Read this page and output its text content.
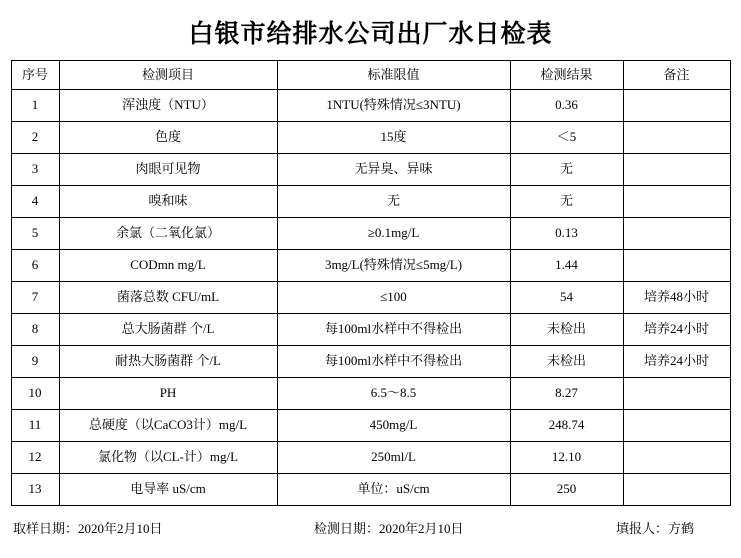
白银市给排水公司出厂水日检表
序号	检测项目	标准限值	检测结果	备注
1	浑浊度（NTU）	1NTU(特殊情况≤3NTU)	0.36	
2	色度	15度	＜5	
3	肉眼可见物	无异臭、异味	无	
4	嗅和味	无	无	
5	余氯（二氧化氯）	≥0.1mg/L	0.13	
6	CODmn mg/L	3mg/L(特殊情况≤5mg/L)	1.44	
7	菌落总数 CFU/mL	≤100	54	培养48小时
8	总大肠菌群 个/L	每100ml水样中不得检出	未检出	培养24小时
9	耐热大肠菌群 个/L	每100ml水样中不得检出	未检出	培养24小时
10	PH	6.5～8.5	8.27	
11	总硬度（以CaCO3计）mg/L	450mg/L	248.74	
12	氯化物（以CL-计）mg/L	250ml/L	12.10	
13	电导率 uS/cm	单位：uS/cm	250	
取样日期：2020年2月10日	检测日期：2020年2月10日	填报人：方鹤
